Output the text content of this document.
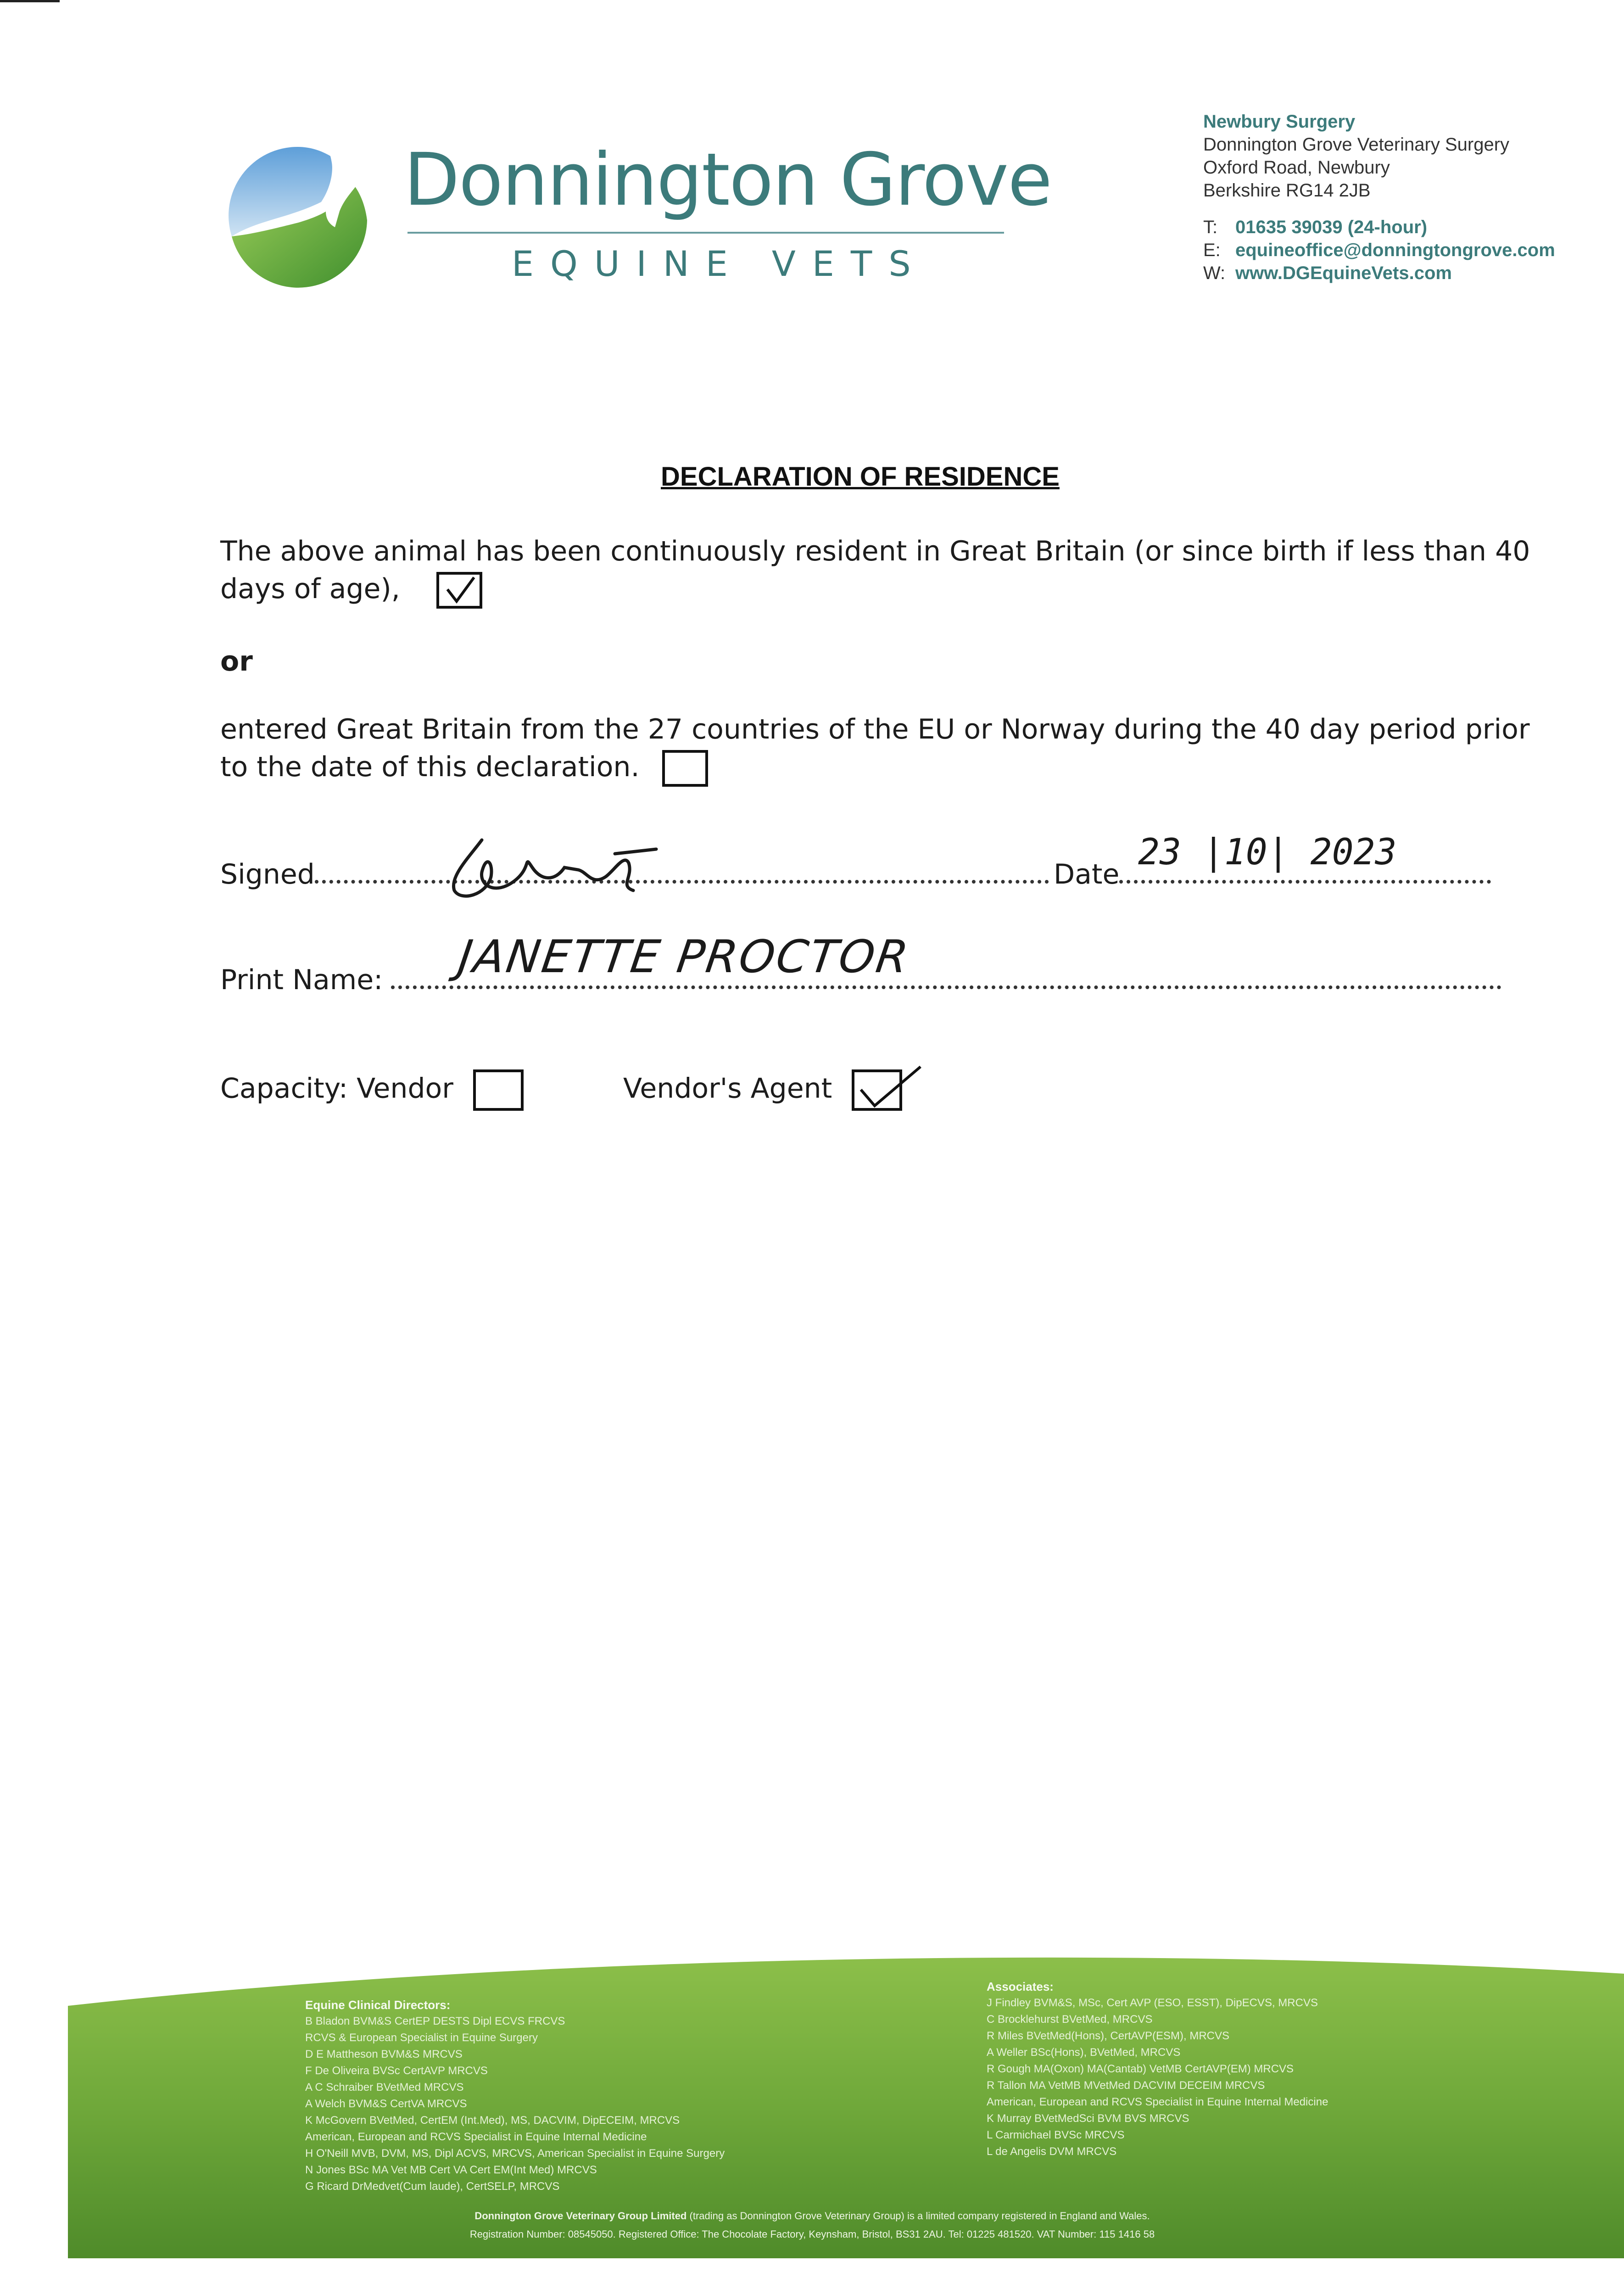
Donnington Grove
EQUINE VETS
Newbury Surgery
Donnington Grove Veterinary Surgery
Oxford Road, Newbury
Berkshire RG14 2JB
T: 01635 39039 (24-hour)
E: equineoffice@donningtongrove.com
W: www.DGEquineVets.com
DECLARATION OF RESIDENCE
The above animal has been continuously resident in Great Britain (or since birth if less than 40 days of age),
or
entered Great Britain from the 27 countries of the EU or Norway during the 40 day period prior to the date of this declaration.
Signed	Date
23 |10| 2023
Print Name:	JANETTE PROCTOR
Capacity: Vendor	Vendor's Agent
Equine Clinical Directors:
B Bladon BVM&S CertEP DESTS Dipl ECVS FRCVS
RCVS & European Specialist in Equine Surgery
D E Mattheson BVM&S MRCVS
F De Oliveira BVSc CertAVP MRCVS
A C Schraiber BVetMed MRCVS
A Welch BVM&S CertVA MRCVS
K McGovern BVetMed, CertEM (Int.Med), MS, DACVIM, DipECEIM, MRCVS
American, European and RCVS Specialist in Equine Internal Medicine
H O'Neill MVB, DVM, MS, Dipl ACVS, MRCVS, American Specialist in Equine Surgery
N Jones BSc MA Vet MB Cert VA Cert EM(Int Med) MRCVS
G Ricard DrMedvet(Cum laude), CertSELP, MRCVS
Associates:
J Findley BVM&S, MSc, Cert AVP (ESO, ESST), DipECVS, MRCVS
C Brocklehurst BVetMed, MRCVS
R Miles BVetMed(Hons), CertAVP(ESM), MRCVS
A Weller BSc(Hons), BVetMed, MRCVS
R Gough MA(Oxon) MA(Cantab) VetMB CertAVP(EM) MRCVS
R Tallon MA VetMB MVetMed DACVIM DECEIM MRCVS
American, European and RCVS Specialist in Equine Internal Medicine
K Murray BVetMedSci BVM BVS MRCVS
L Carmichael BVSc MRCVS
L de Angelis DVM MRCVS
Donnington Grove Veterinary Group Limited (trading as Donnington Grove Veterinary Group) is a limited company registered in England and Wales.
Registration Number: 08545050. Registered Office: The Chocolate Factory, Keynsham, Bristol, BS31 2AU. Tel: 01225 481520. VAT Number: 115 1416 58
